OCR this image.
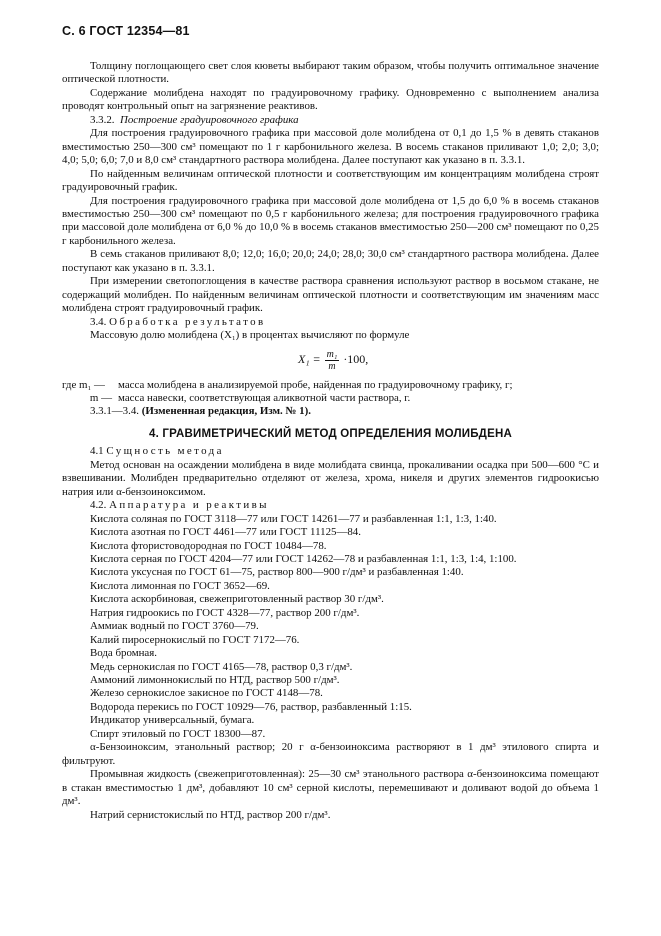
С. 6 ГОСТ 12354—81

Толщину поглощающего свет слоя кюветы выбирают таким образом, чтобы получить оптимальное значение оптической плотности.

Содержание молибдена находят по градуировочному графику. Одновременно с выполнением анализа проводят контрольный опыт на загрязнение реактивов.

3.3.2. Построение градуировочного графика

Для построения градуировочного графика при массовой доле молибдена от 0,1 до 1,5 % в девять стаканов вместимостью 250—300 см³ помещают по 1 г карбонильного железа. В восемь стаканов приливают 1,0; 2,0; 3,0; 4,0; 5,0; 6,0; 7,0 и 8,0 см³ стандартного раствора молибдена. Далее поступают как указано в п. 3.3.1.

По найденным величинам оптической плотности и соответствующим им концентрациям молибдена строят градуировочный график.

Для построения градуировочного графика при массовой доле молибдена от 1,5 до 6,0 % в восемь стаканов вместимостью 250—300 см³ помещают по 0,5 г карбонильного железа; для построения градуировочного графика при массовой доле молибдена от 6,0 % до 10,0 % в восемь стаканов вместимостью 250—200 см³ помещают по 0,25 г карбонильного железа.

В семь стаканов приливают 8,0; 12,0; 16,0; 20,0; 24,0; 28,0; 30,0 см³ стандартного раствора молибдена. Далее поступают как указано в п. 3.3.1.

При измерении светопоглощения в качестве раствора сравнения используют раствор в восьмом стакане, не содержащий молибден. По найденным величинам оптической плотности и соответствующим им значениям масс молибдена строят градуировочный график.

3.4. Обработка результатов

Массовую долю молибдена (X₁) в процентах вычисляют по формуле

$X_1 = \frac{\text{m₁}}{m} \cdot 100$,
где m₁ —	масса молибдена в анализируемой пробе, найденная по градуировочному графику, г;
m — масса навески, соответствующая аликвотной части раствора, г.

3.3.1—3.4. (Измененная редакция, Изм. № 1).

4. ГРАВИМЕТРИЧЕСКИЙ МЕТОД ОПРЕДЕЛЕНИЯ МОЛИБДЕНА

4.1 Сущность метода

Метод основан на осаждении молибдена в виде молибдата свинца, прокаливании осадка при 500—600 °С и взвешивании. Молибден предварительно отделяют от железа, хрома, никеля и других элементов гидроокисью натрия или α-бензоиноксимом.

4.2. Аппаратура и реактивы

Кислота соляная по ГОСТ 3118—77 или ГОСТ 14261—77 и разбавленная 1:1, 1:3, 1:40.

Кислота азотная по ГОСТ 4461—77 или ГОСТ 11125—84.

Кислота фтористоводородная по ГОСТ 10484—78.

Кислота серная по ГОСТ 4204—77 или ГОСТ 14262—78 и разбавленная 1:1, 1:3, 1:4, 1:100.

Кислота уксусная по ГОСТ 61—75, раствор 800—900 г/дм³ и разбавленная 1:40.

Кислота лимонная по ГОСТ 3652—69.

Кислота аскорбиновая, свежеприготовленный раствор 30 г/дм³.

Натрия гидроокись по ГОСТ 4328—77, раствор 200 г/дм³.

Аммиак водный по ГОСТ 3760—79.

Калий пиросернокислый по ГОСТ 7172—76.

Вода бромная.

Медь сернокислая по ГОСТ 4165—78, раствор 0,3 г/дм³.

Аммоний лимоннокислый по НТД, раствор 500 г/дм³.

Железо сернокислое закисное по ГОСТ 4148—78.

Водорода перекись по ГОСТ 10929—76, раствор, разбавленный 1:15.

Индикатор универсальный, бумага.

Спирт этиловый по ГОСТ 18300—87.

α-Бензоиноксим, этанольный раствор; 20 г α-бензоиноксима растворяют в 1 дм³ этилового спирта и фильтруют.

Промывная жидкость (свежеприготовленная): 25—30 см³ этанольного раствора α-бензоиноксима помещают в стакан вместимостью 1 дм³, добавляют 10 см³ серной кислоты, перемешивают и доливают водой до объема 1 дм³.

Натрий сернистокислый по НТД, раствор 200 г/дм³.
